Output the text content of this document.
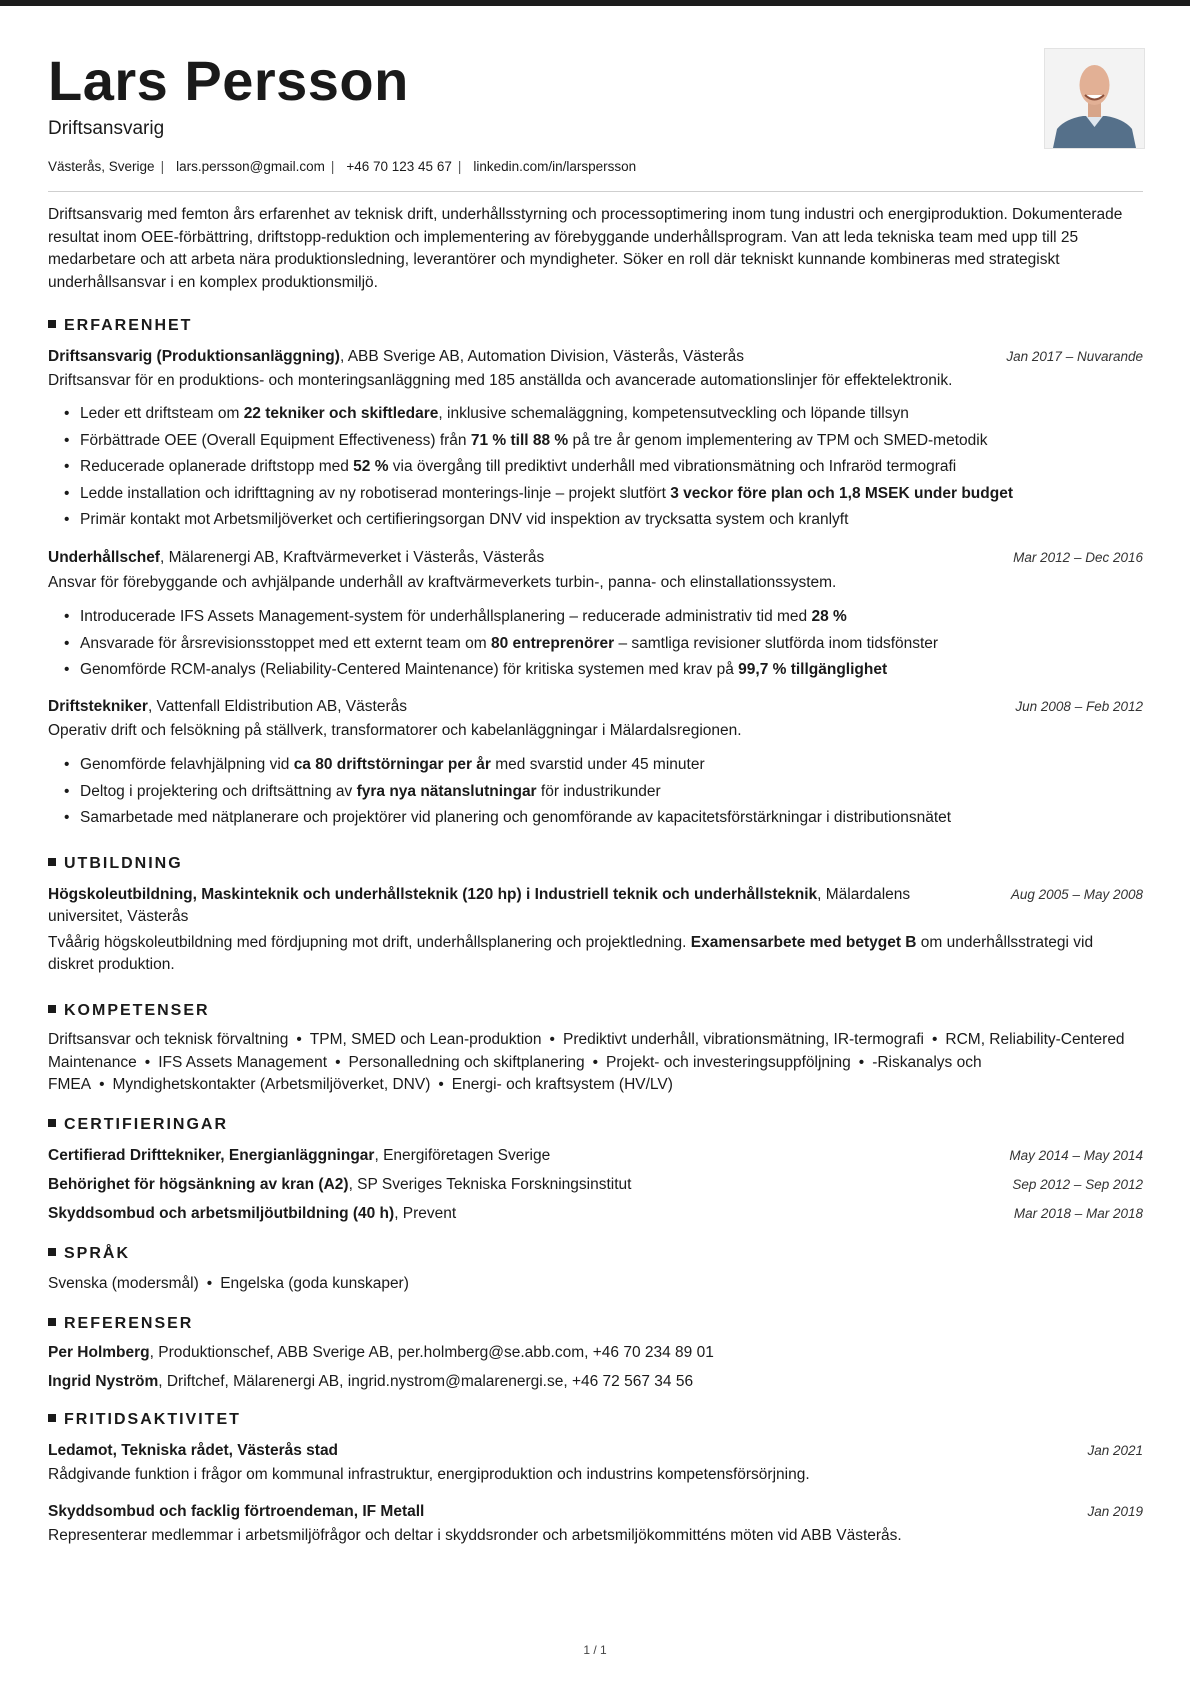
Lars Persson
Driftsansvarig
Västerås, Sverige | lars.persson@gmail.com | +46 70 123 45 67 | linkedin.com/in/larspersson

Driftsansvarig med femton års erfarenhet av teknisk drift, underhållsstyrning och processoptimering inom tung industri och energiproduktion. Dokumenterade resultat inom OEE-förbättring, driftstopp-reduktion och implementering av förebyggande underhållsprogram. Van att leda tekniska team med upp till 25 medarbetare och att arbeta nära produktionsledning, leverantörer och myndigheter. Söker en roll där tekniskt kunnande kombineras med strategiskt underhållsansvar i en komplex produktionsmiljö.

ERFARENHET
Driftsansvarig (Produktionsanläggning), ABB Sverige AB, Automation Division, Västerås, Västerås	Jan 2017 – Nuvarande

Driftsansvar för en produktions- och monteringsanläggning med 185 anställda och avancerade automationslinjer för effektelektronik.

• Leder ett driftsteam om 22 tekniker och skiftledare, inklusive schemaläggning, kompetensutveckling och löpande tillsyn
• Förbättrade OEE (Overall Equipment Effectiveness) från 71 % till 88 % på tre år genom implementering av TPM och SMED-metodik
• Reducerade oplanerade driftstopp med 52 % via övergång till prediktivt underhåll med vibrationsmätning och Infraröd termografi
• Ledde installation och idrifttagning av ny robotiserad monterings-linje – projekt slutfört 3 veckor före plan och 1,8 MSEK under budget
• Primär kontakt mot Arbetsmiljöverket och certifieringsorgan DNV vid inspektion av trycksatta system och kranlyft
Underhållschef, Mälarenergi AB, Kraftvärmeverket i Västerås, Västerås	Mar 2012 – Dec 2016

Ansvar för förebyggande och avhjälpande underhåll av kraftvärmeverkets turbin-, panna- och elinstallationssystem.

• Introducerade IFS Assets Management-system för underhållsplanering – reducerade administrativ tid med 28 %
• Ansvarade för årsrevisionsstoppet med ett externt team om 80 entreprenörer – samtliga revisioner slutförda inom tidsfönster
• Genomförde RCM-analys (Reliability-Centered Maintenance) för kritiska systemen med krav på 99,7 % tillgänglighet
Driftstekniker, Vattenfall Eldistribution AB, Västerås	Jun 2008 – Feb 2012

Operativ drift och felsökning på ställverk, transformatorer och kabelanläggningar i Mälardalsregionen.

• Genomförde felavhjälpning vid ca 80 driftstörningar per år med svarstid under 45 minuter
• Deltog i projektering och driftsättning av fyra nya nätanslutningar för industrikunder
• Samarbetade med nätplanerare och projektörer vid planering och genomförande av kapacitetsförstärkningar i distributionsnätet
UTBILDNING
Högskoleutbildning, Maskinteknik och underhållsteknik (120 hp) i Industriell teknik och underhållsteknik, Mälardalens universitet, Västerås
Aug 2005 – May 2008

Tvåårig högskoleutbildning med fördjupning mot drift, underhållsplanering och projektledning. Examensarbete med betyget B om underhållsstrategi vid diskret produktion.

KOMPETENSER

Driftsansvar och teknisk förvaltning • TPM, SMED och Lean-produktion • Prediktivt underhåll, vibrationsmätning, IR-termografi • RCM, Reliability-Centered Maintenance • IFS Assets Management • Personalledning och skiftplanering • Projekt- och investeringsuppföljning • -Riskanalys och FMEA • Myndighetskontakter (Arbetsmiljöverket, DNV) • Energi- och kraftsystem (HV/LV)

CERTIFIERINGAR
Certifierad Drifttekniker, Energianläggningar, Energiföretagen Sverige	May 2014 – May 2014
Behörighet för högsänkning av kran (A2), SP Sveriges Tekniska Forskningsinstitut	Sep 2012 – Sep 2012
Skyddsombud och arbetsmiljöutbildning (40 h), Prevent	Mar 2018 – Mar 2018
SPRÅK
Svenska (modersmål) • Engelska (goda kunskaper)
REFERENSER
Per Holmberg, Produktionschef, ABB Sverige AB, per.holmberg@se.abb.com, +46 70 234 89 01
Ingrid Nyström, Driftchef, Mälarenergi AB, ingrid.nystrom@malarenergi.se, +46 72 567 34 56
FRITIDSAKTIVITET
Ledamot, Tekniska rådet, Västerås stad	Jan 2021

Rådgivande funktion i frågor om kommunal infrastruktur, energiproduktion och industrins kompetensförsörjning.

Skyddsombud och facklig förtroendeman, IF Metall	Jan 2019

Representerar medlemmar i arbetsmiljöfrågor och deltar i skyddsronder och arbetsmiljökommitténs möten vid ABB Västerås.

1 / 1
